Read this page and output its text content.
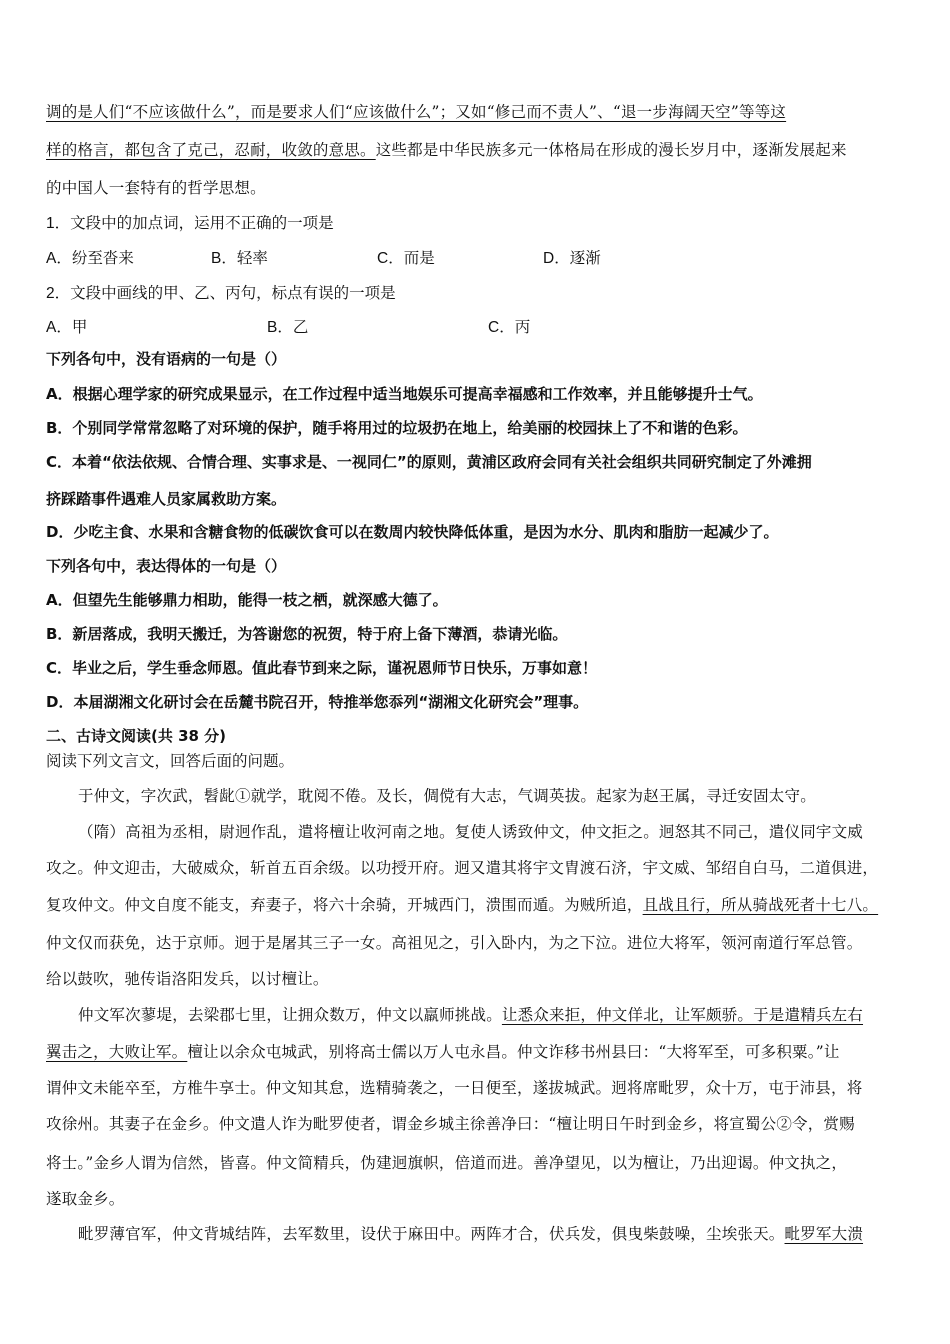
调的是人们“不应该做什么”，而是要求人们“应该做什么”；又如“修己而不责人”、“退一步海阔天空”等等这
样的格言，都包含了克己，忍耐，收敛的意思。这些都是中华民族多元一体格局在形成的漫长岁月中，逐渐发展起来
的中国人一套特有的哲学思想。
1．文段中的加点词，运用不正确的一项是
A．纷至沓来	B．轻率	C．而是	D．逐渐
2．文段中画线的甲、乙、丙句，标点有误的一项是
A．甲	B．乙	C．丙
下列各句中，没有语病的一句是（）
A．根据心理学家的研究成果显示，在工作过程中适当地娱乐可提高幸福感和工作效率，并且能够提升士气。
B．个别同学常常忽略了对环境的保护，随手将用过的垃圾扔在地上，给美丽的校园抹上了不和谐的色彩。
C．本着“依法依规、合情合理、实事求是、一视同仁”的原则，黄浦区政府会同有关社会组织共同研究制定了外滩拥
挤踩踏事件遇难人员家属救助方案。
D．少吃主食、水果和含糖食物的低碳饮食可以在数周内较快降低体重，是因为水分、肌肉和脂肪一起减少了。
下列各句中，表达得体的一句是（）
A．但望先生能够鼎力相助，能得一枝之栖，就深感大德了。
B．新居落成，我明天搬迁，为答谢您的祝贺，特于府上备下薄酒，恭请光临。
C．毕业之后，学生垂念师恩。值此春节到来之际，谨祝恩师节日快乐，万事如意！
D．本届湖湘文化研讨会在岳麓书院召开，特推举您忝列“湖湘文化研究会”理事。
二、古诗文阅读(共 38 分)
阅读下列文言文，回答后面的问题。
于仲文，字次武，髫龀①就学，耽阅不倦。及长，倜傥有大志，气调英拔。起家为赵王属，寻迁安固太守。
（隋）高祖为丞相，尉迥作乱，遣将檀让收河南之地。复使人诱致仲文，仲文拒之。迥怒其不同己，遣仪同宇文威
攻之。仲文迎击，大破威众，斩首五百余级。以功授开府。迥又遣其将宇文胄渡石济，宇文威、邹绍自白马，二道俱进，
复攻仲文。仲文自度不能支，弃妻子，将六十余骑，开城西门，溃围而遁。为贼所追，且战且行，所从骑战死者十七八。
仲文仅而获免，达于京师。迥于是屠其三子一女。高祖见之，引入卧内，为之下泣。进位大将军，领河南道行军总管。
给以鼓吹，驰传诣洛阳发兵，以讨檀让。
仲文军次蓼堤，去梁郡七里，让拥众数万，仲文以羸师挑战。让悉众来拒，仲文佯北，让军颇骄。于是遣精兵左右
翼击之，大败让军。檀让以余众屯城武，别将高士儒以万人屯永昌。仲文诈移书州县曰：“大将军至，可多积粟。”让
谓仲文未能卒至，方椎牛享士。仲文知其怠，选精骑袭之，一日便至，遂拔城武。迥将席毗罗，众十万，屯于沛县，将
攻徐州。其妻子在金乡。仲文遣人诈为毗罗使者，谓金乡城主徐善净曰：“檀让明日午时到金乡，将宣蜀公②令，赏赐
将士。”金乡人谓为信然，皆喜。仲文简精兵，伪建迥旗帜，倍道而进。善净望见，以为檀让，乃出迎谒。仲文执之，
遂取金乡。
毗罗薄官军，仲文背城结阵，去军数里，设伏于麻田中。两阵才合，伏兵发，俱曳柴鼓噪，尘埃张天。毗罗军大溃
